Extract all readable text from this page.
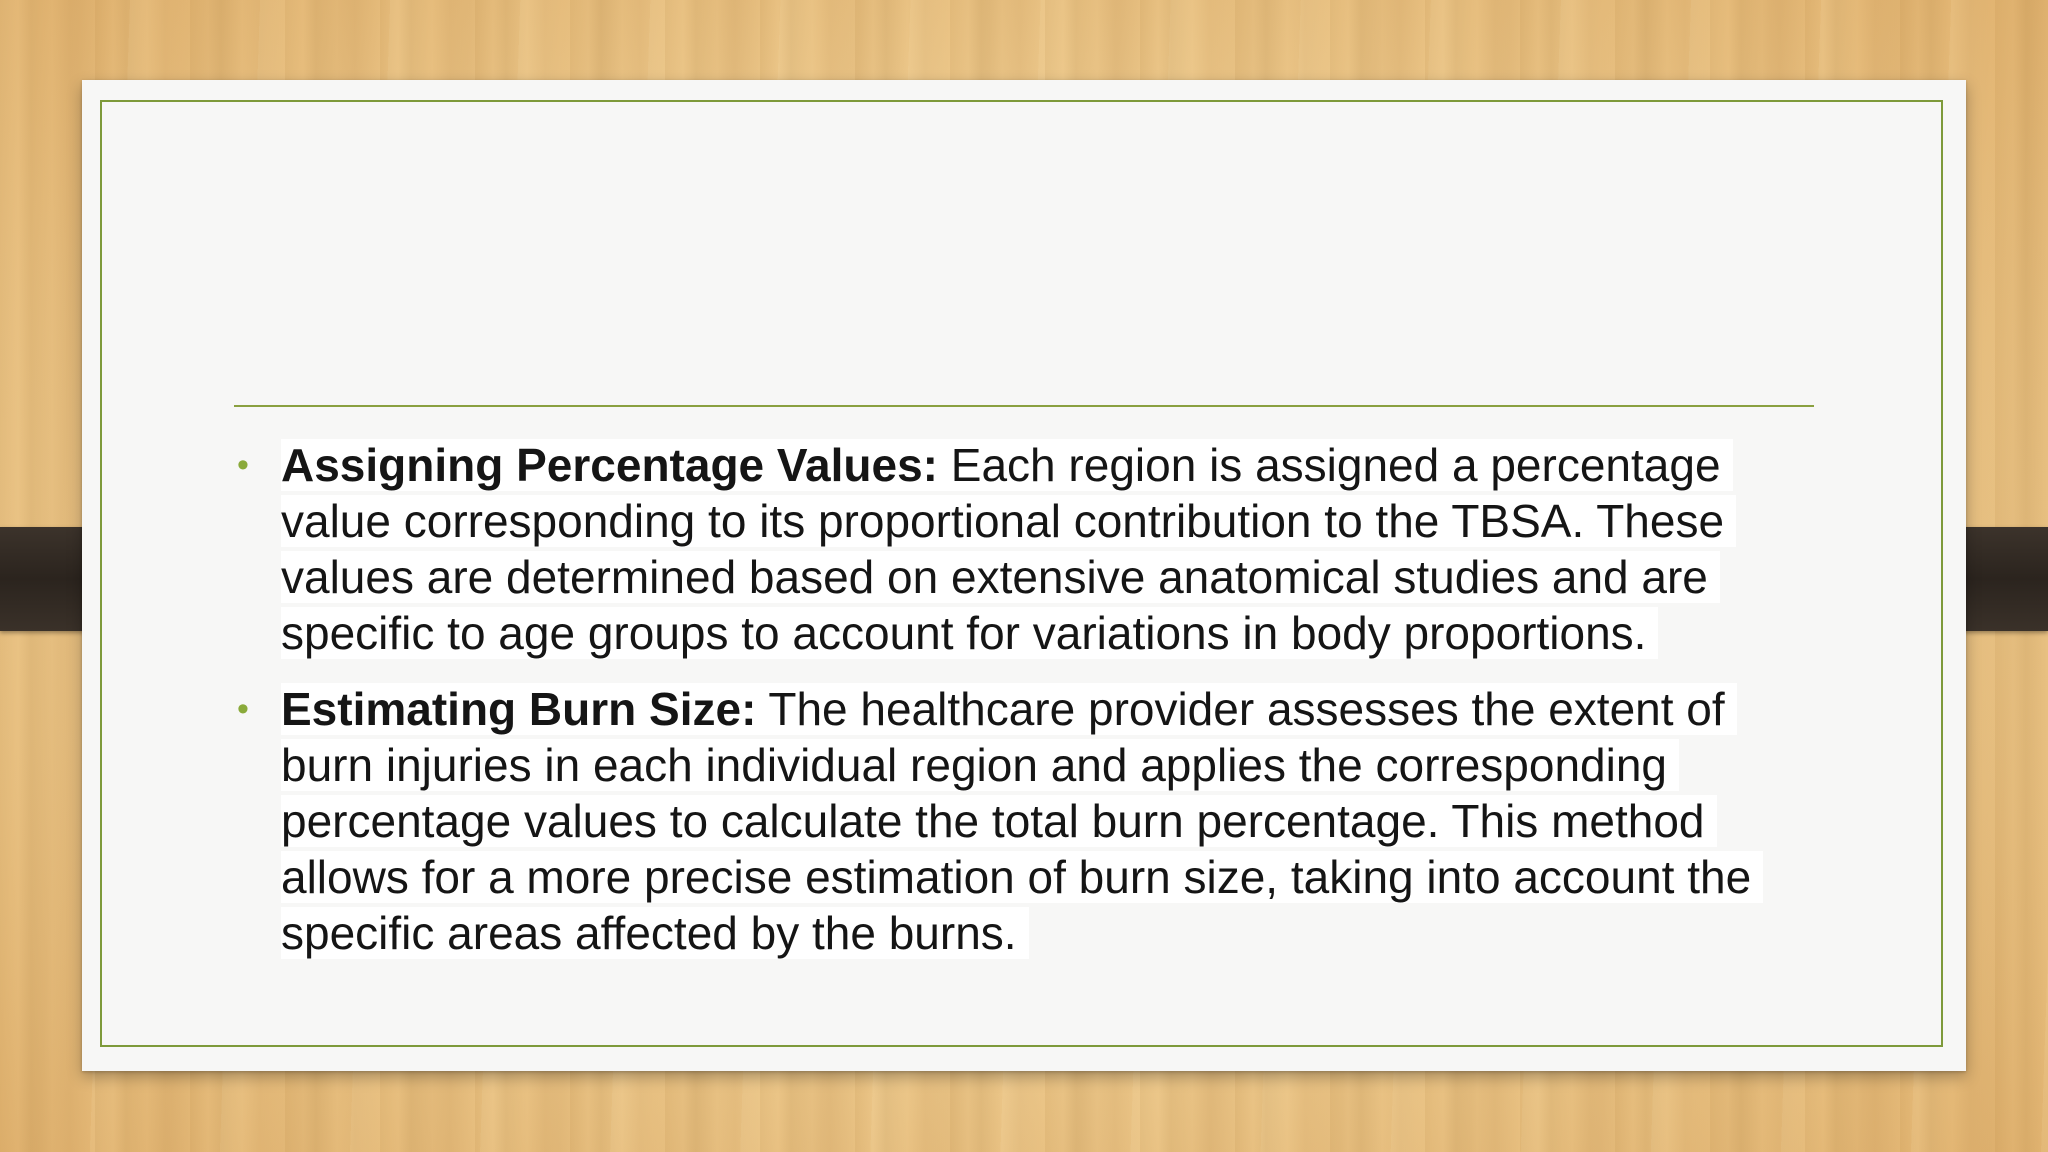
• Assigning Percentage Values: Each region is assigned a percentage value corresponding to its proportional contribution to the TBSA. These values are determined based on extensive anatomical studies and are specific to age groups to account for variations in body proportions.
• Estimating Burn Size: The healthcare provider assesses the extent of burn injuries in each individual region and applies the corresponding percentage values to calculate the total burn percentage. This method allows for a more precise estimation of burn size, taking into account the specific areas affected by the burns.
